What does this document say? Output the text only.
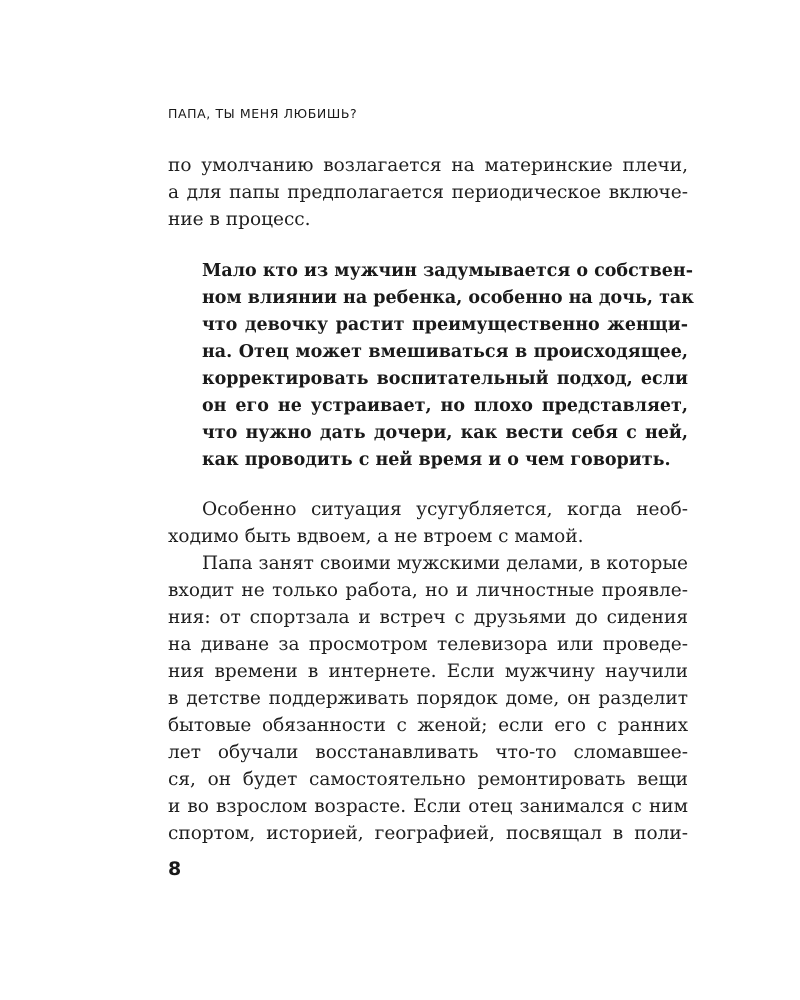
ПАПА, ТЫ МЕНЯ ЛЮБИШЬ?
по умолчанию возлагается на материнские плечи,
а для папы предполагается периодическое включе-
ние в процесс.
Мало кто из мужчин задумывается о собствен-
ном влиянии на ребенка, особенно на дочь, так
что девочку растит преимущественно женщи-
на. Отец может вмешиваться в происходящее,
корректировать воспитательный подход, если
он его не устраивает, но плохо представляет,
что нужно дать дочери, как вести себя с ней,
как проводить с ней время и о чем говорить.
Особенно ситуация усугубляется, когда необ-
ходимо быть вдвоем, а не втроем с мамой.
Папа занят своими мужскими делами, в которые
входит не только работа, но и личностные проявле-
ния: от спортзала и встреч с друзьями до сидения
на диване за просмотром телевизора или проведе-
ния времени в интернете. Если мужчину научили
в детстве поддерживать порядок доме, он разделит
бытовые обязанности с женой; если его с ранних
лет обучали восстанавливать что-то сломавшее-
ся, он будет самостоятельно ремонтировать вещи
и во взрослом возрасте. Если отец занимался с ним
спортом, историей, географией, посвящал в поли-
8
